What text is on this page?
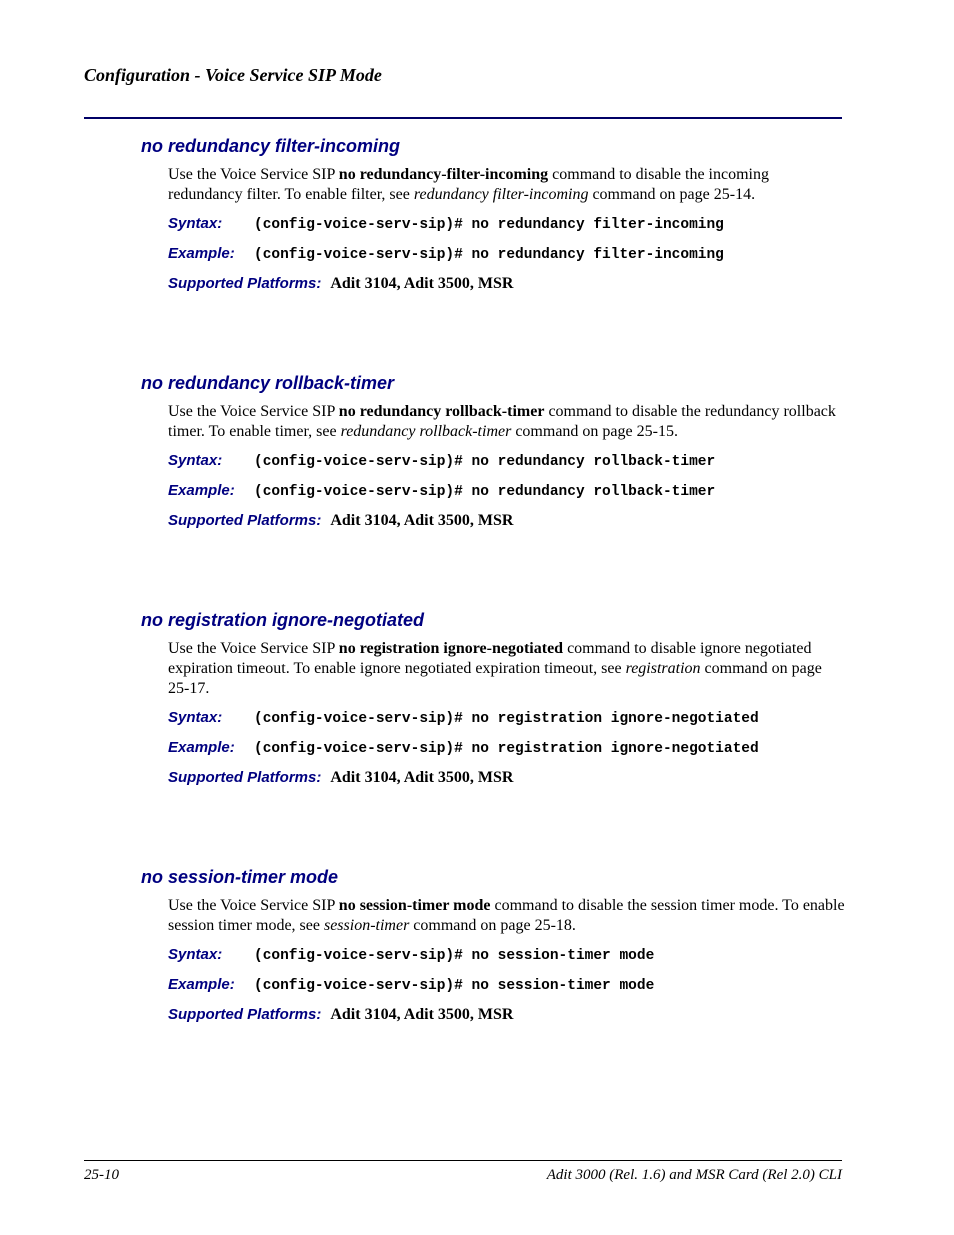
Configuration - Voice Service SIP Mode
no redundancy filter-incoming

Use the Voice Service SIP no redundancy-filter-incoming command to disable the incoming redundancy filter. To enable filter, see redundancy filter-incoming command on page 25-14.

Syntax:	(config-voice-serv-sip)# no redundancy filter-incoming
Example:	(config-voice-serv-sip)# no redundancy filter-incoming
Supported Platforms: Adit 3104, Adit 3500, MSR
no redundancy rollback-timer

Use the Voice Service SIP no redundancy rollback-timer command to disable the redundancy rollback timer. To enable timer, see redundancy rollback-timer command on page 25-15.

Syntax:	(config-voice-serv-sip)# no redundancy rollback-timer
Example:	(config-voice-serv-sip)# no redundancy rollback-timer
Supported Platforms: Adit 3104, Adit 3500, MSR
no registration ignore-negotiated

Use the Voice Service SIP no registration ignore-negotiated command to disable ignore negotiated expiration timeout. To enable ignore negotiated expiration timeout, see registration command on page 25-17.

Syntax:	(config-voice-serv-sip)# no registration ignore-negotiated
Example:	(config-voice-serv-sip)# no registration ignore-negotiated
Supported Platforms: Adit 3104, Adit 3500, MSR
no session-timer mode

Use the Voice Service SIP no session-timer mode command to disable the session timer mode. To enable session timer mode, see session-timer command on page 25-18.

Syntax:	(config-voice-serv-sip)# no session-timer mode
Example:	(config-voice-serv-sip)# no session-timer mode
Supported Platforms: Adit 3104, Adit 3500, MSR
25-10	Adit 3000 (Rel. 1.6) and MSR Card (Rel 2.0) CLI
